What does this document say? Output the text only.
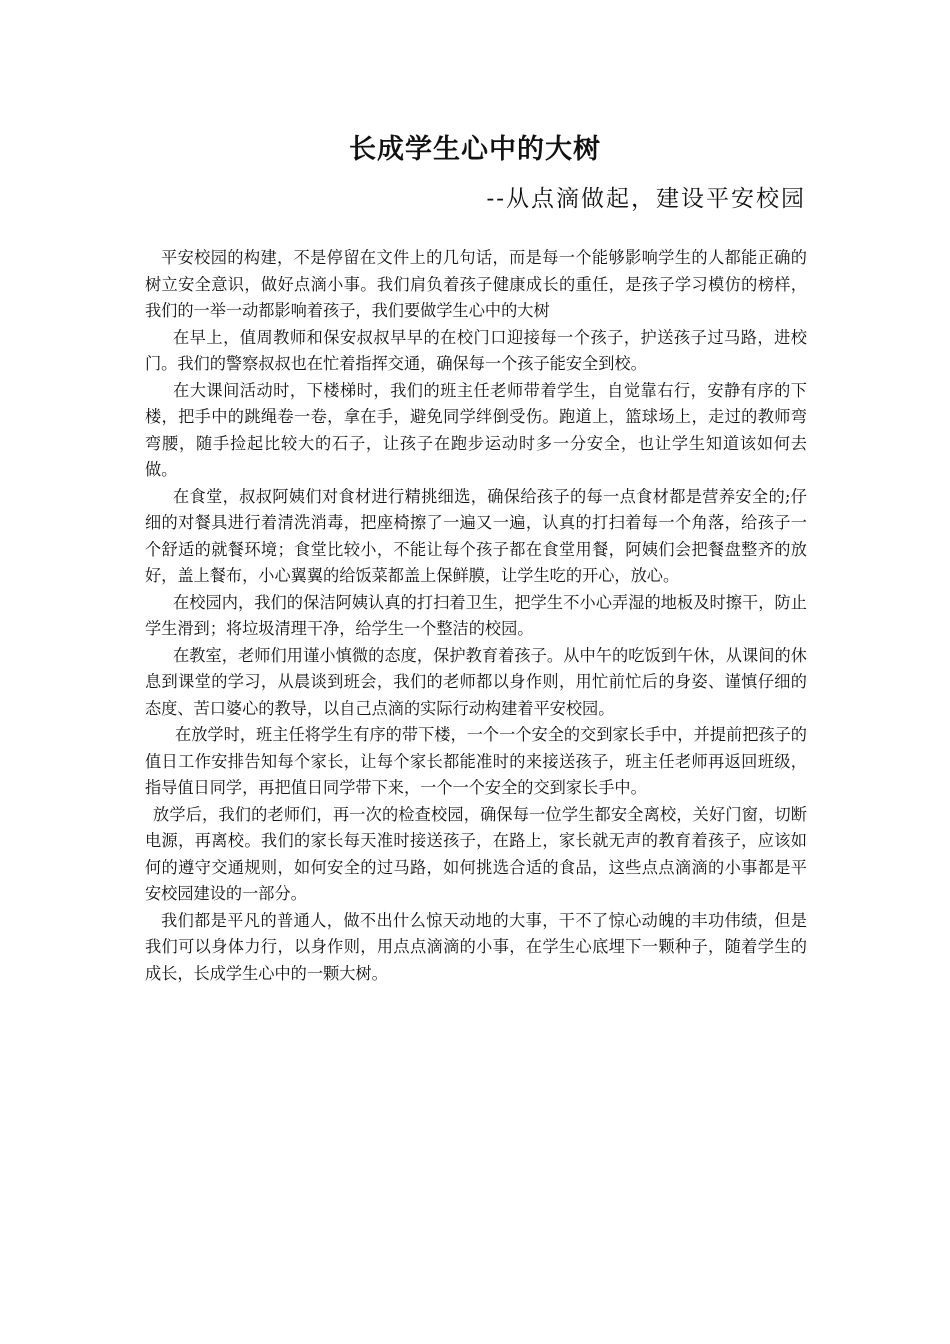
长成学生心中的大树

--从点滴做起，建设平安校园

平安校园的构建，不是停留在文件上的几句话，而是每一个能够影响学生的人都能正确的树立安全意识，做好点滴小事。我们肩负着孩子健康成长的重任，是孩子学习模仿的榜样，我们的一举一动都影响着孩子，我们要做学生心中的大树

在早上，值周教师和保安叔叔早早的在校门口迎接每一个孩子，护送孩子过马路，进校门。我们的警察叔叔也在忙着指挥交通，确保每一个孩子能安全到校。

在大课间活动时，下楼梯时，我们的班主任老师带着学生，自觉靠右行，安静有序的下楼，把手中的跳绳卷一卷，拿在手，避免同学绊倒受伤。跑道上，篮球场上，走过的教师弯弯腰，随手捡起比较大的石子，让孩子在跑步运动时多一分安全，也让学生知道该如何去做。

在食堂，叔叔阿姨们对食材进行精挑细选，确保给孩子的每一点食材都是营养安全的;仔细的对餐具进行着清洗消毒，把座椅擦了一遍又一遍，认真的打扫着每一个角落，给孩子一个舒适的就餐环境；食堂比较小，不能让每个孩子都在食堂用餐，阿姨们会把餐盘整齐的放好，盖上餐布，小心翼翼的给饭菜都盖上保鲜膜，让学生吃的开心，放心。

在校园内，我们的保洁阿姨认真的打扫着卫生，把学生不小心弄湿的地板及时擦干，防止学生滑到；将垃圾清理干净，给学生一个整洁的校园。

在教室，老师们用谨小慎微的态度，保护教育着孩子。从中午的吃饭到午休，从课间的休息到课堂的学习，从晨谈到班会，我们的老师都以身作则，用忙前忙后的身姿、谨慎仔细的态度、苦口婆心的教导，以自己点滴的实际行动构建着平安校园。

在放学时，班主任将学生有序的带下楼，一个一个安全的交到家长手中，并提前把孩子的值日工作安排告知每个家长，让每个家长都能准时的来接送孩子，班主任老师再返回班级，指导值日同学，再把值日同学带下来，一个一个安全的交到家长手中。

放学后，我们的老师们，再一次的检查校园，确保每一位学生都安全离校，关好门窗，切断电源，再离校。我们的家长每天准时接送孩子，在路上，家长就无声的教育着孩子，应该如何的遵守交通规则，如何安全的过马路，如何挑选合适的食品，这些点点滴滴的小事都是平安校园建设的一部分。

我们都是平凡的普通人，做不出什么惊天动地的大事，干不了惊心动魄的丰功伟绩，但是我们可以身体力行，以身作则，用点点滴滴的小事，在学生心底埋下一颗种子，随着学生的成长，长成学生心中的一颗大树。
